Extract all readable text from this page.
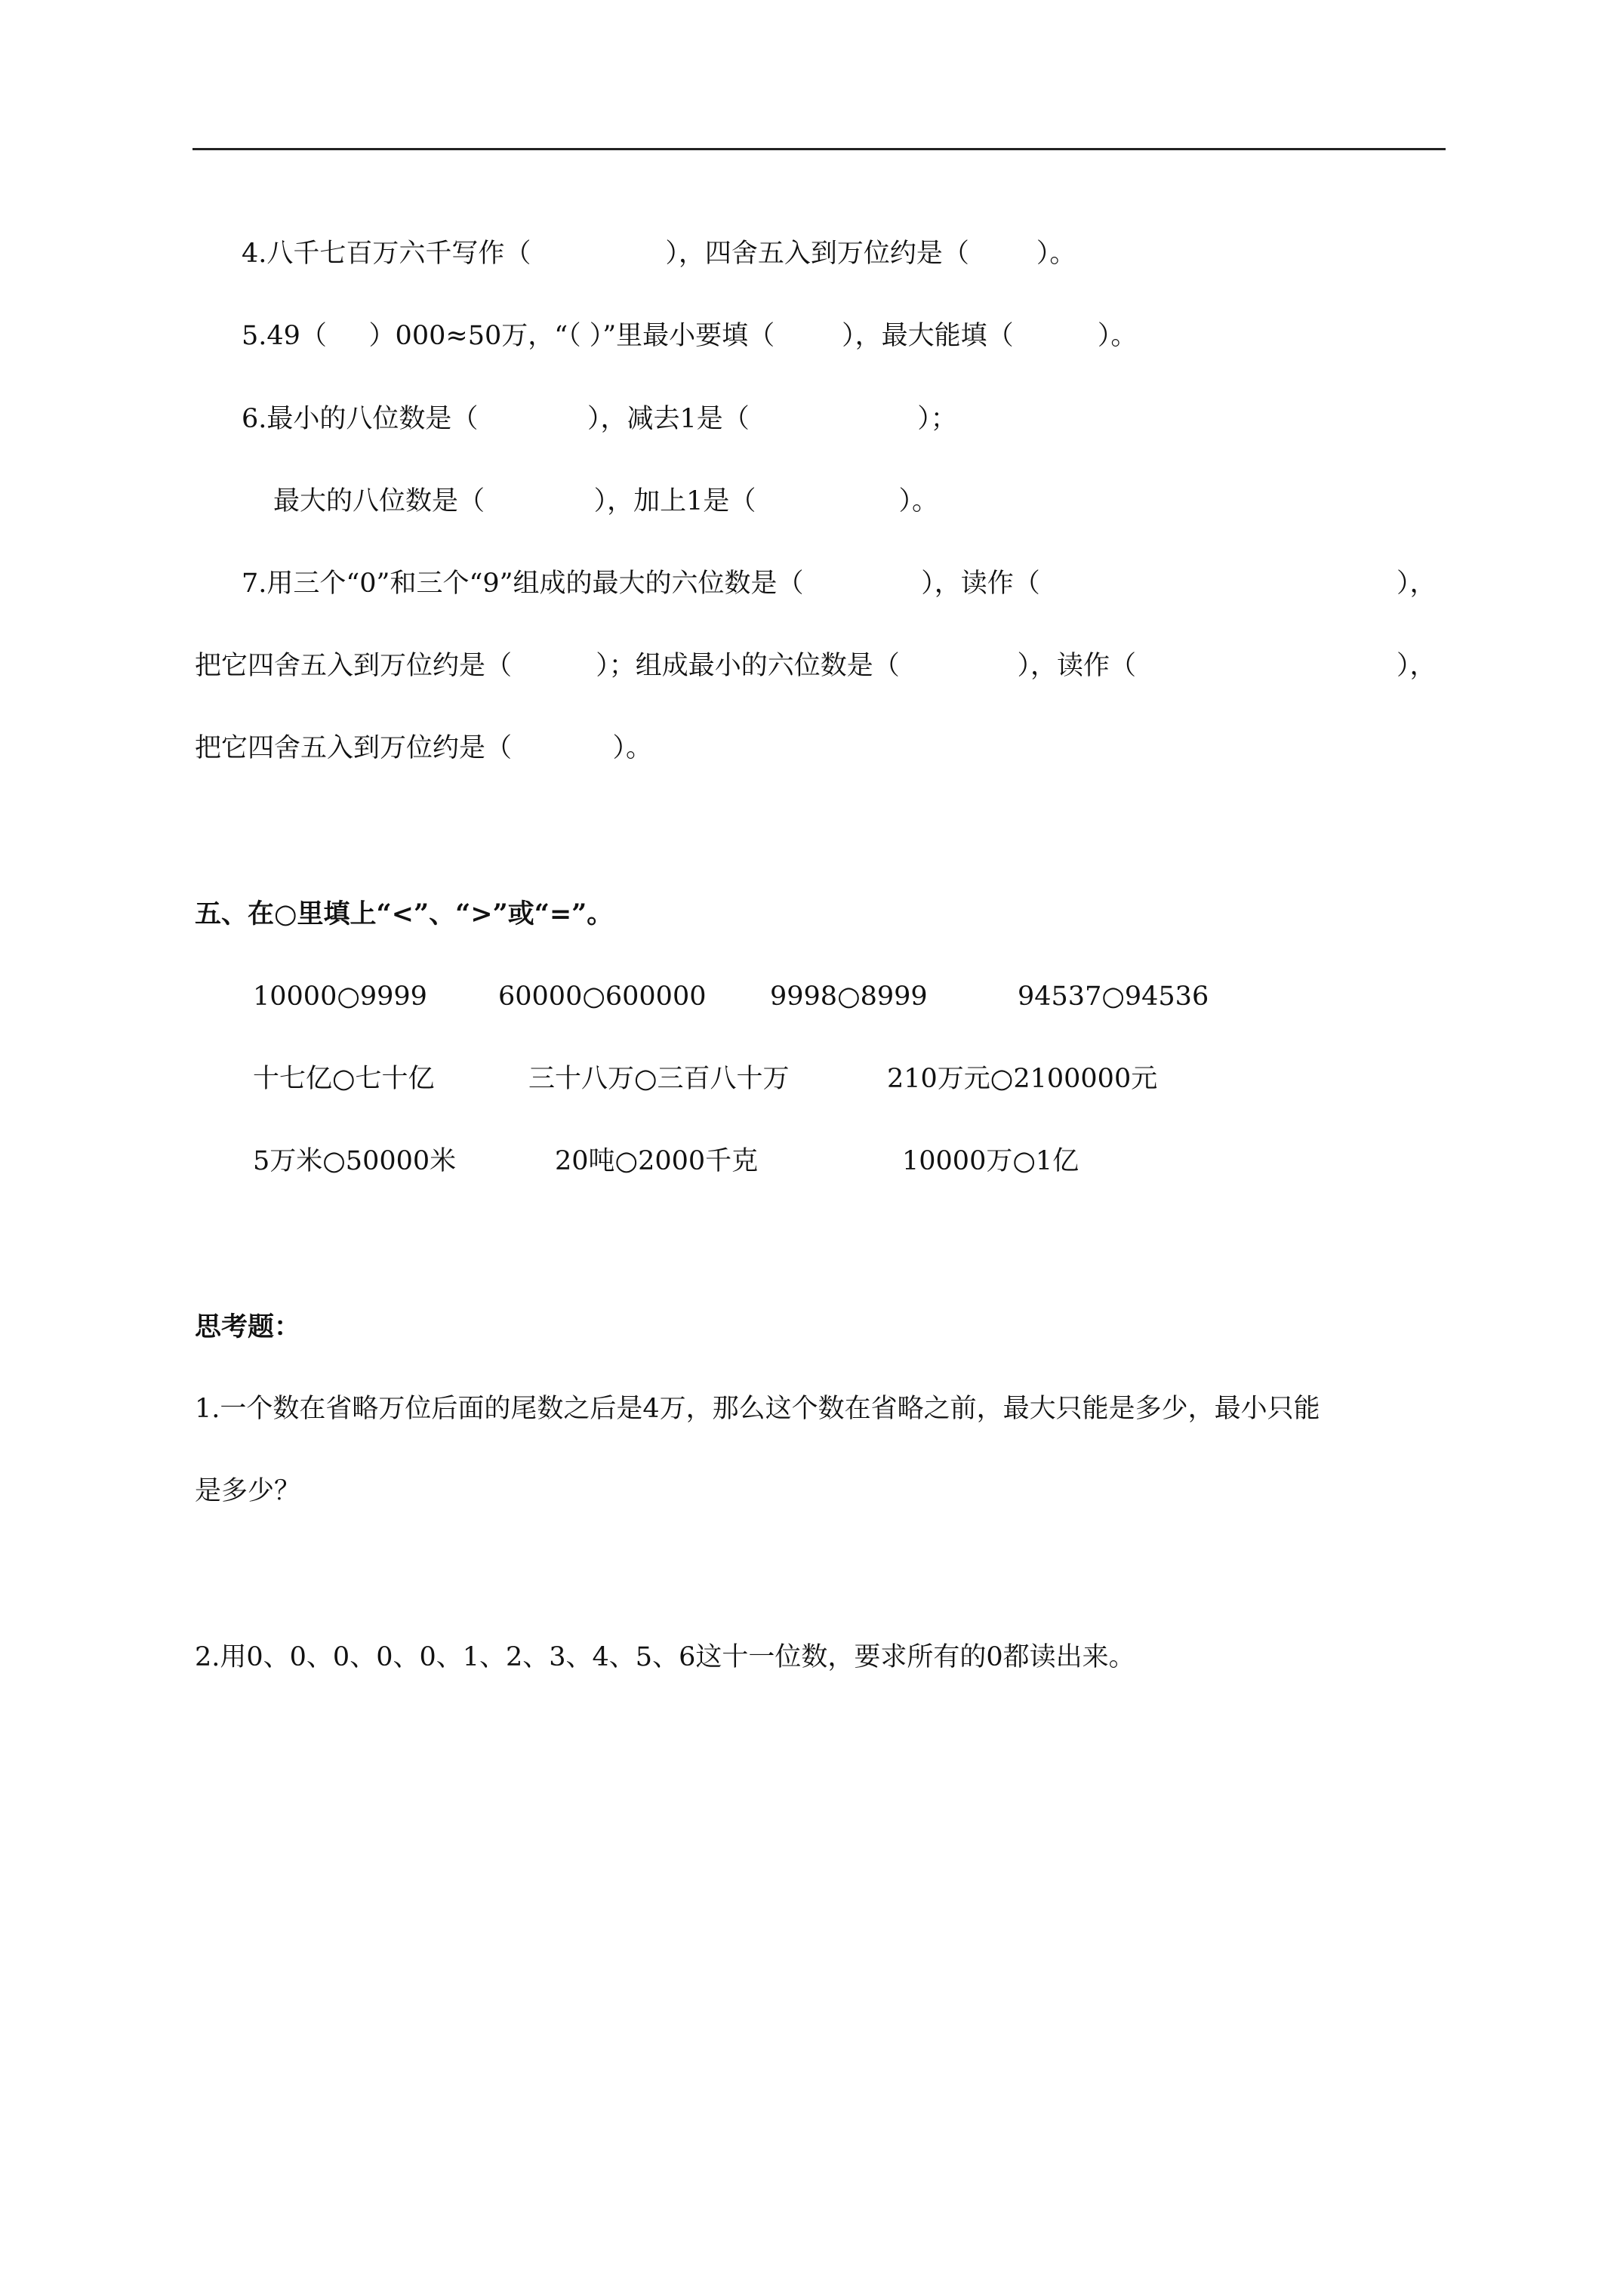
4.八千七百万六千写作（                ），四舍五入到万位约是（        ）。
5.49（     ）000≈50万，“（ ）”里最小要填（        ），最大能填（          ）。
6.最小的八位数是（             ），减去1是（                    ）；
最大的八位数是（             ），加上1是（                 ）。
7.用三个“0”和三个“9”组成的最大的六位数是（              ），读作（	），
把它四舍五入到万位约是（          ）；组成最小的六位数是（              ），读作（	），
把它四舍五入到万位约是（            ）。
五、在○里填上“<”、“>”或“=”。
10000○9999	60000○600000 9998○8999	94537○94536
十七亿○七十亿	三十八万○三百八十万	210万元○2100000元
5万米○50000米	20吨○2000千克	10000万○1亿
思考题：
1.一个数在省略万位后面的尾数之后是4万，那么这个数在省略之前，最大只能是多少，最小只能
是多少？
2.用0、0、0、0、0、1、2、3、4、5、6这十一位数，要求所有的0都读出来。
